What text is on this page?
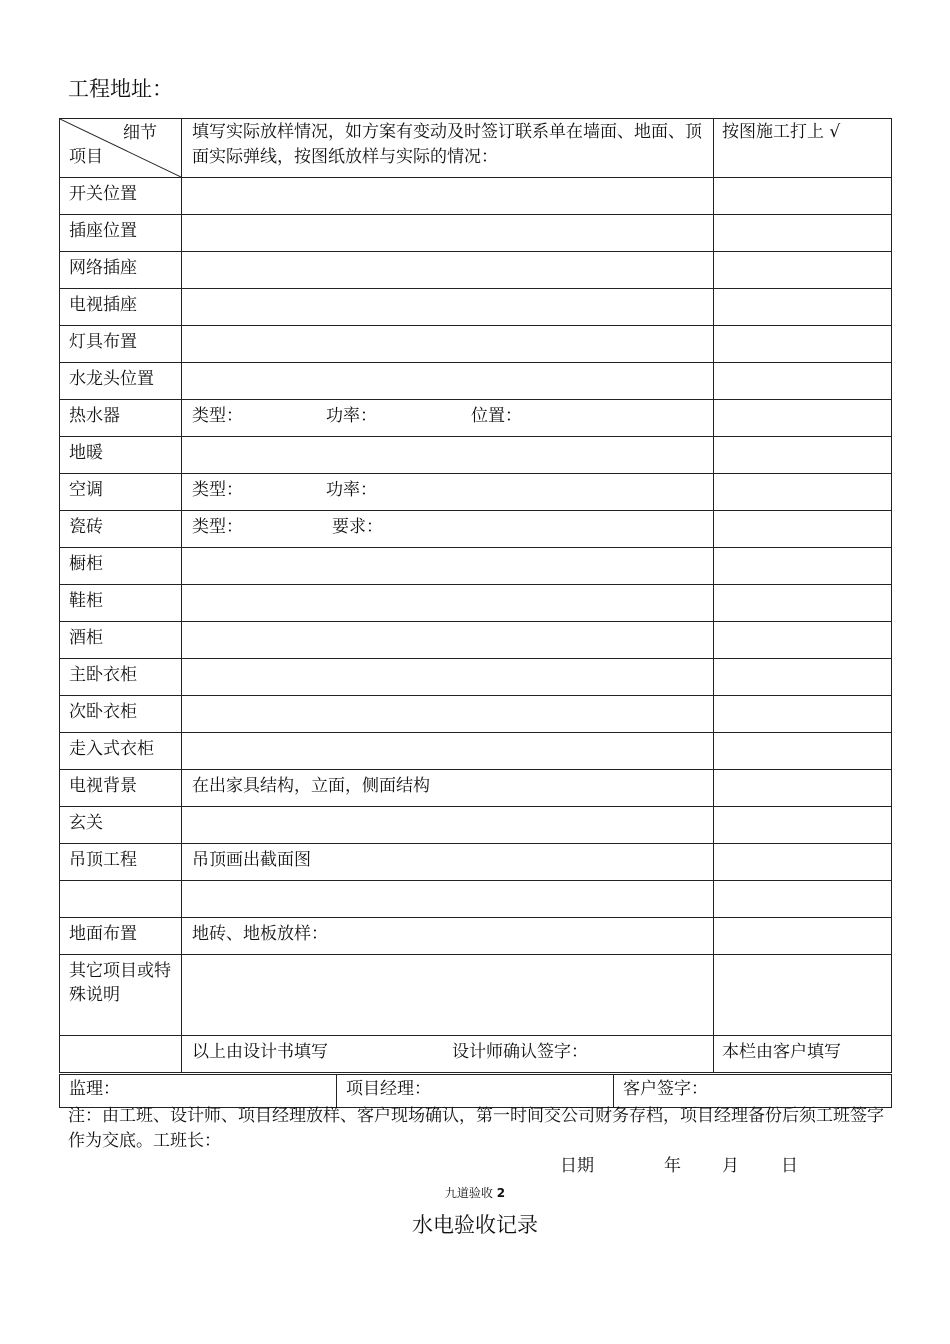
工程地址：
细节
项目	填写实际放样情况，如方案有变动及时签订联系单在墙面、地面、顶面实际弹线，按图纸放样与实际的情况：	按图施工打上 √
开关位置		
插座位置		
网络插座		
电视插座		
灯具布置		
水龙头位置		
热水器	类型： 功率： 位置：	
地暖		
空调	类型： 功率：	
瓷砖	类型： 要求：	
橱柜		
鞋柜		
酒柜		
主卧衣柜		
次卧衣柜		
走入式衣柜		
电视背景	在出家具结构，立面，侧面结构	
玄关		
吊顶工程	吊顶画出截面图	

地面布置	地砖、地板放样：	
其它项目或特殊说明		
	以上由设计书填写 设计师确认签字：	本栏由客户填写
监理：	项目经理：	客户签字：
注：由工班、设计师、项目经理放样、客户现场确认，第一时间交公司财务存档，项目经理备份后须工班签字作为交底。工班长：
日期	年 月 日
九道验收 2
水电验收记录
